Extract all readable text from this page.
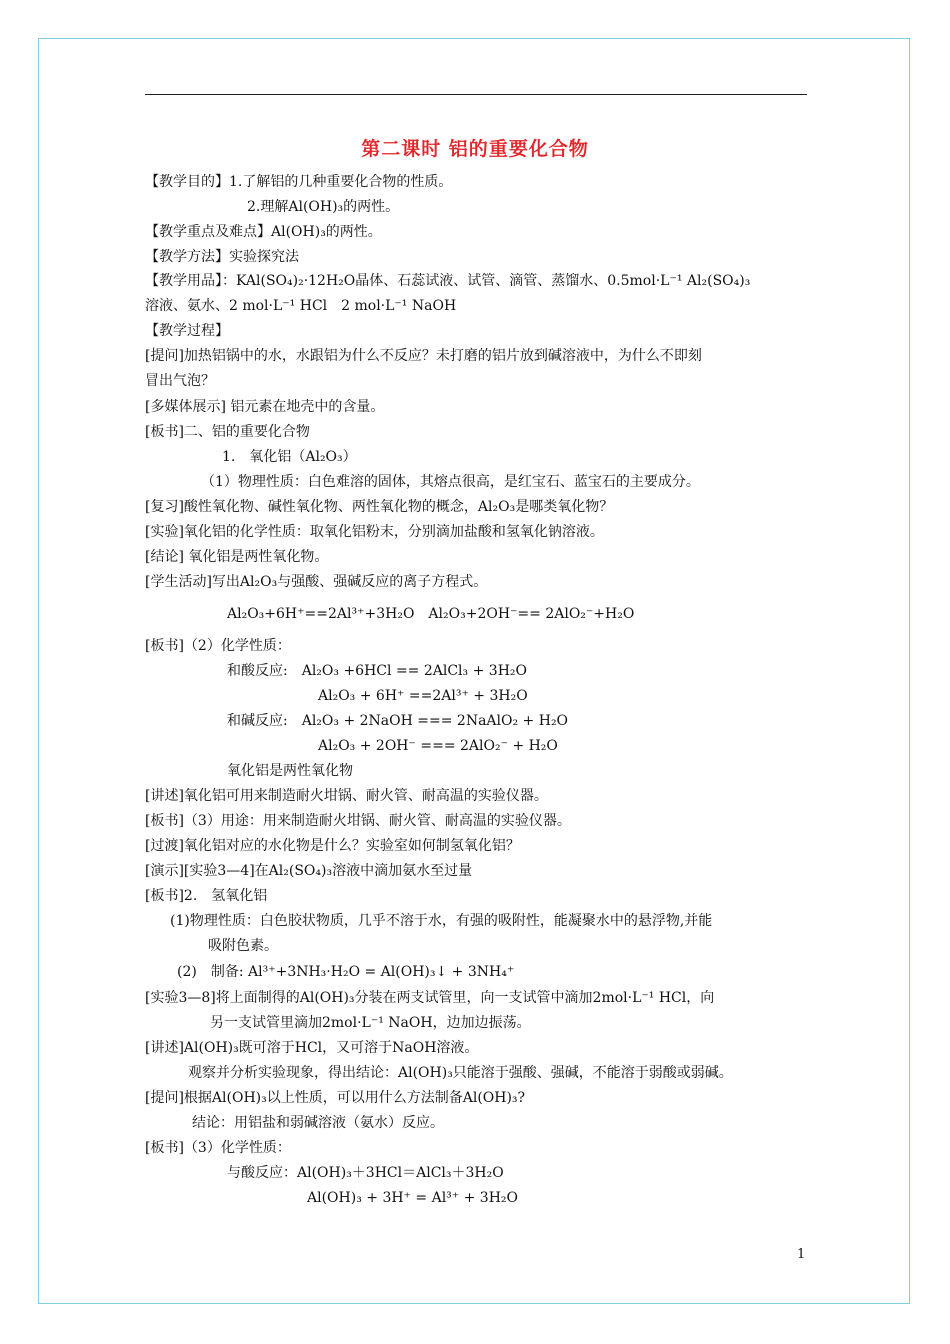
第二课时 铝的重要化合物
【教学目的】1.了解铝的几种重要化合物的性质。
2.理解Al(OH)₃的两性。
【教学重点及难点】Al(OH)₃的两性。
【教学方法】实验探究法
【教学用品】：KAl(SO₄)₂·12H₂O晶体、石蕊试液、试管、滴管、蒸馏水、0.5mol·L⁻¹ Al₂(SO₄)₃
溶液、氨水、2 mol·L⁻¹ HCl　2 mol·L⁻¹ NaOH
【教学过程】
[提问]加热铝锅中的水，水跟铝为什么不反应？未打磨的铝片放到碱溶液中，为什么不即刻
冒出气泡？
[多媒体展示] 铝元素在地壳中的含量。
[板书]二、铝的重要化合物
1.　氧化铝（Al₂O₃）
（1）物理性质：白色难溶的固体，其熔点很高，是红宝石、蓝宝石的主要成分。
[复习]酸性氧化物、碱性氧化物、两性氧化物的概念，Al₂O₃是哪类氧化物？
[实验]氧化铝的化学性质：取氧化铝粉末，分别滴加盐酸和氢氧化钠溶液。
[结论] 氧化铝是两性氧化物。
[学生活动]写出Al₂O₃与强酸、强碱反应的离子方程式。
Al₂O₃+6H⁺==2Al³⁺+3H₂O　Al₂O₃+2OH⁻== 2AlO₂⁻+H₂O
[板书]（2）化学性质：
和酸反应:　Al₂O₃ +6HCl == 2AlCl₃ + 3H₂O
Al₂O₃ + 6H⁺ ==2Al³⁺ + 3H₂O
和碱反应:　Al₂O₃ + 2NaOH === 2NaAlO₂ + H₂O
Al₂O₃ + 2OH⁻ === 2AlO₂⁻ + H₂O
氧化铝是两性氧化物
[讲述]氧化铝可用来制造耐火坩锅、耐火管、耐高温的实验仪器。
[板书]（3）用途：用来制造耐火坩锅、耐火管、耐高温的实验仪器。
[过渡]氧化铝对应的水化物是什么？实验室如何制氢氧化铝？
[演示][实验3—4]在Al₂(SO₄)₃溶液中滴加氨水至过量
[板书]2.　氢氧化铝
(1)物理性质：白色胶状物质，几乎不溶于水，有强的吸附性，能凝聚水中的悬浮物,并能
吸附色素。
(2)　制备: Al³⁺+3NH₃·H₂O = Al(OH)₃↓ + 3NH₄⁺
[实验3—8]将上面制得的Al(OH)₃分装在两支试管里，向一支试管中滴加2mol·L⁻¹ HCl，向
另一支试管里滴加2mol·L⁻¹ NaOH，边加边振荡。
[讲述]Al(OH)₃既可溶于HCl，又可溶于NaOH溶液。
观察并分析实验现象，得出结论：Al(OH)₃只能溶于强酸、强碱，不能溶于弱酸或弱碱。
[提问]根据Al(OH)₃以上性质，可以用什么方法制备Al(OH)₃?
结论：用铝盐和弱碱溶液（氨水）反应。
[板书]（3）化学性质：
与酸反应：Al(OH)₃＋3HCl＝AlCl₃＋3H₂O
Al(OH)₃ + 3H⁺ = Al³⁺ + 3H₂O
1
